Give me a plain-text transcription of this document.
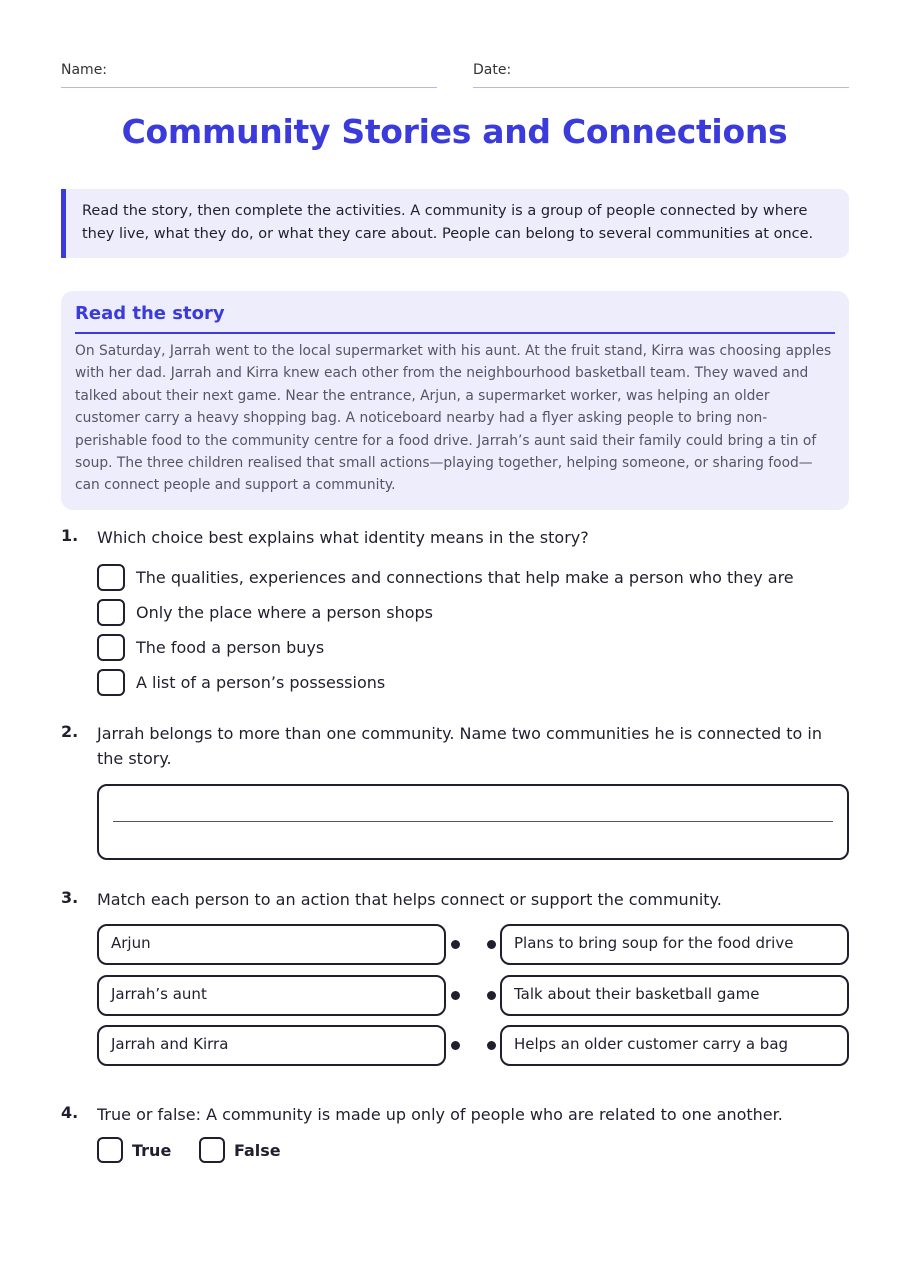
Name:	Date:
Community Stories and Connections
Read the story, then complete the activities. A community is a group of people connected by where they live, what they do, or what they care about. People can belong to several communities at once.
Read the story
On Saturday, Jarrah went to the local supermarket with his aunt. At the fruit stand, Kirra was choosing apples with her dad. Jarrah and Kirra knew each other from the neighbourhood basketball team. They waved and talked about their next game. Near the entrance, Arjun, a supermarket worker, was helping an older customer carry a heavy shopping bag. A noticeboard nearby had a flyer asking people to bring non-perishable food to the community centre for a food drive. Jarrah’s aunt said their family could bring a tin of soup. The three children realised that small actions—playing together, helping someone, or sharing food—can connect people and support a community.
1. Which choice best explains what identity means in the story?
The qualities, experiences and connections that help make a person who they are
Only the place where a person shops
The food a person buys
A list of a person’s possessions
2. Jarrah belongs to more than one community. Name two communities he is connected to in the story.
3. Match each person to an action that helps connect or support the community.
Arjun
Jarrah’s aunt
Jarrah and Kirra
Plans to bring soup for the food drive
Talk about their basketball game
Helps an older customer carry a bag
4. True or false: A community is made up only of people who are related to one another.
True	False
